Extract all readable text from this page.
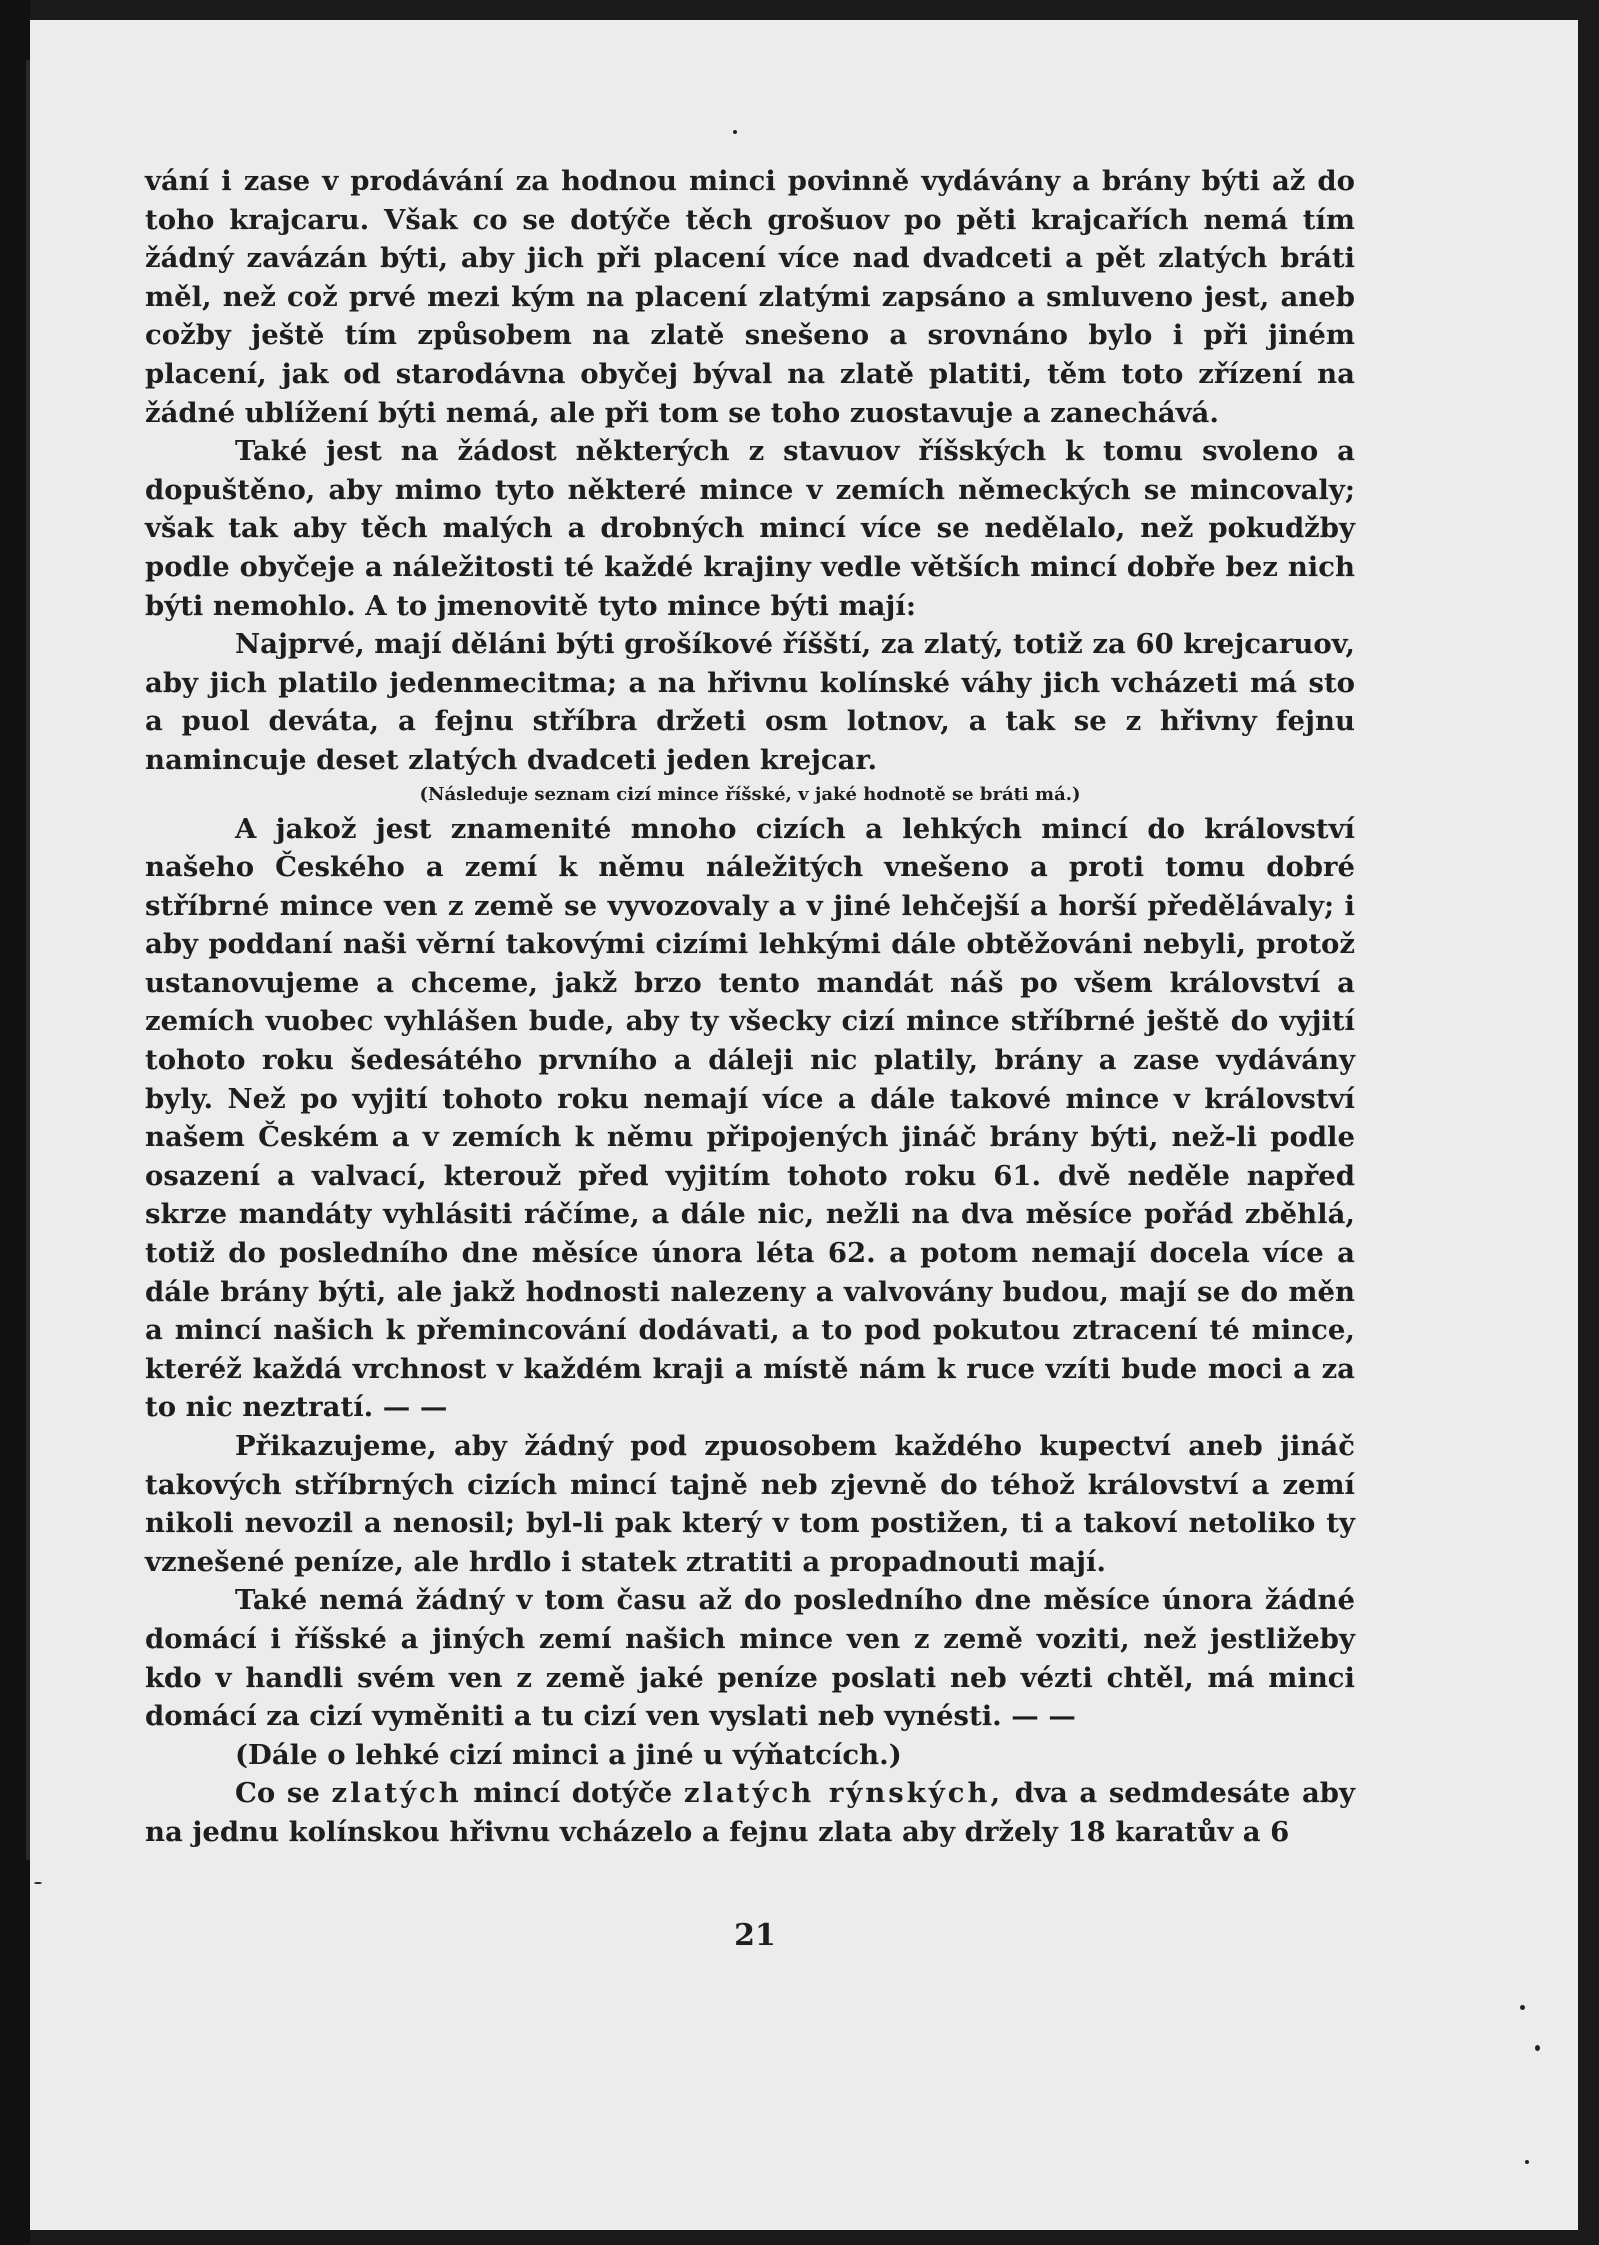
vání i zase v prodávání za hodnou minci povinně vydávány a brány býti až do toho krajcaru. Však co se dotýče těch grošuov po pěti krajcařích nemá tím žádný zavázán býti, aby jich při placení více nad dvadceti a pět zlatých bráti měl, než což prvé mezi kým na placení zlatými zapsáno a smluveno jest, aneb cožby ještě tím způsobem na zlatě snešeno a srovnáno bylo i při jiném placení, jak od starodávna obyčej býval na zlatě platiti, těm toto zřízení na žádné ublížení býti nemá, ale při tom se toho zuostavuje a zanechává.

Také jest na žádost některých z stavuov říšských k tomu svoleno a dopuštěno, aby mimo tyto některé mince v zemích německých se mincovaly; však tak aby těch malých a drobných mincí více se nedělalo, než pokudžby podle obyčeje a náležitosti té každé krajiny vedle větších mincí dobře bez nich býti nemohlo. A to jmenovitě tyto mince býti mají:

Najprvé, mají děláni býti grošíkové říšští, za zlatý, totiž za 60 krejcaruov, aby jich platilo jedenmecitma; a na hřivnu kolínské váhy jich vcházeti má sto a puol deváta, a fejnu stříbra držeti osm lotnov, a tak se z hřivny fejnu namincuje deset zlatých dvadceti jeden krejcar.

(Následuje seznam cizí mince říšské, v jaké hodnotě se bráti má.)

A jakož jest znamenité mnoho cizích a lehkých mincí do království našeho Českého a zemí k němu náležitých vnešeno a proti tomu dobré stříbrné mince ven z země se vyvozovaly a v jiné lehčejší a horší předělávaly; i aby poddaní naši věrní takovými cizími lehkými dále obtěžováni nebyli, protož ustanovujeme a chceme, jakž brzo tento mandát náš po všem království a zemích vuobec vyhlášen bude, aby ty všecky cizí mince stříbrné ještě do vyjití tohoto roku šedesátého prvního a dáleji nic platily, brány a zase vydávány byly. Než po vyjití tohoto roku nemají více a dále takové mince v království našem Českém a v zemích k němu připojených jináč brány býti, než-li podle osazení a valvací, kterouž před vyjitím tohoto roku 61. dvě neděle napřed skrze mandáty vyhlásiti ráčíme, a dále nic, nežli na dva měsíce pořád zběhlá, totiž do posledního dne měsíce února léta 62. a potom nemají docela více a dále brány býti, ale jakž hodnosti nalezeny a valvovány budou, mají se do měn a mincí našich k přemincování dodávati, a to pod pokutou ztracení té mince, kteréž každá vrchnost v každém kraji a místě nám k ruce vzíti bude moci a za to nic neztratí. — —

Přikazujeme, aby žádný pod zpuosobem každého kupectví aneb jináč takových stříbrných cizích mincí tajně neb zjevně do téhož království a zemí nikoli nevozil a nenosil; byl-li pak který v tom postižen, ti a takoví netoliko ty vznešené peníze, ale hrdlo i statek ztratiti a propadnouti mají.

Také nemá žádný v tom času až do posledního dne měsíce února žádné domácí i říšské a jiných zemí našich mince ven z země voziti, než jestližeby kdo v handli svém ven z země jaké peníze poslati neb vézti chtěl, má minci domácí za cizí vyměniti a tu cizí ven vyslati neb vynésti. — —

(Dále o lehké cizí minci a jiné u výňatcích.)

Co se zlatých mincí dotýče zlatých rýnských, dva a sedmdesáte aby na jednu kolínskou hřivnu vcházelo a fejnu zlata aby držely 18 karatův a 6

21
